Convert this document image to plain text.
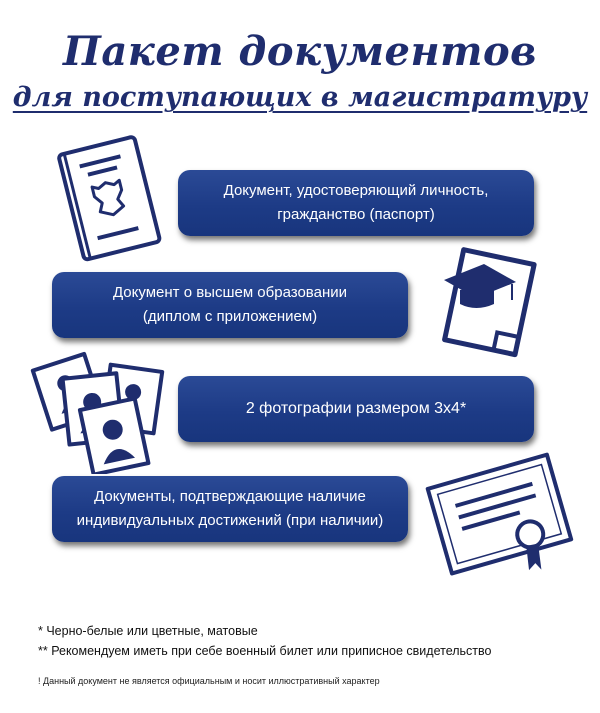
Пакет документов
для поступающих в магистратуру
Документ, удостоверяющий личность,
гражданство (паспорт)
Документ о высшем образовании
(диплом с приложением)
2 фотографии размером 3х4*
Документы, подтверждающие наличие
индивидуальных достижений (при наличии)
* Черно-белые или цветные, матовые
** Рекомендуем иметь при себе военный билет или приписное свидетельство
! Данный документ не является официальным и носит иллюстративный характер
